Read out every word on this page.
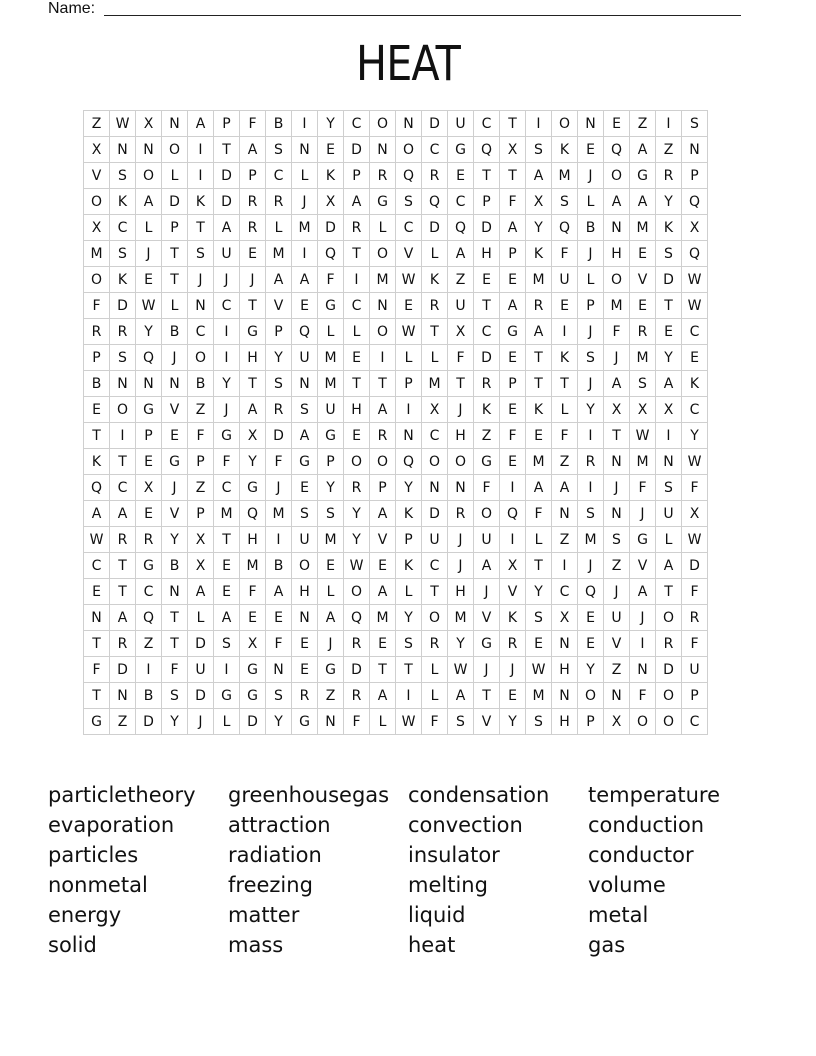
Name:
HEAT
Z	W	X	N	A	P	F	B	I	Y	C	O	N	D	U	C	T	I	O	N	E	Z	I	S
X	N	N	O	I	T	A	S	N	E	D	N	O	C	G	Q	X	S	K	E	Q	A	Z	N
V	S	O	L	I	D	P	C	L	K	P	R	Q	R	E	T	T	A	M	J	O	G	R	P
O	K	A	D	K	D	R	R	J	X	A	G	S	Q	C	P	F	X	S	L	A	A	Y	Q
X	C	L	P	T	A	R	L	M	D	R	L	C	D	Q	D	A	Y	Q	B	N	M	K	X
M	S	J	T	S	U	E	M	I	Q	T	O	V	L	A	H	P	K	F	J	H	E	S	Q
O	K	E	T	J	J	J	A	A	F	I	M	W	K	Z	E	E	M	U	L	O	V	D	W
F	D	W	L	N	C	T	V	E	G	C	N	E	R	U	T	A	R	E	P	M	E	T	W
R	R	Y	B	C	I	G	P	Q	L	L	O	W	T	X	C	G	A	I	J	F	R	E	C
P	S	Q	J	O	I	H	Y	U	M	E	I	L	L	F	D	E	T	K	S	J	M	Y	E
B	N	N	N	B	Y	T	S	N	M	T	T	P	M	T	R	P	T	T	J	A	S	A	K
E	O	G	V	Z	J	A	R	S	U	H	A	I	X	J	K	E	K	L	Y	X	X	X	C
T	I	P	E	F	G	X	D	A	G	E	R	N	C	H	Z	F	E	F	I	T	W	I	Y
K	T	E	G	P	F	Y	F	G	P	O	O	Q	O	O	G	E	M	Z	R	N	M	N	W
Q	C	X	J	Z	C	G	J	E	Y	R	P	Y	N	N	F	I	A	A	I	J	F	S	F
A	A	E	V	P	M	Q	M	S	S	Y	A	K	D	R	O	Q	F	N	S	N	J	U	X
W	R	R	Y	X	T	H	I	U	M	Y	V	P	U	J	U	I	L	Z	M	S	G	L	W
C	T	G	B	X	E	M	B	O	E	W	E	K	C	J	A	X	T	I	J	Z	V	A	D
E	T	C	N	A	E	F	A	H	L	O	A	L	T	H	J	V	Y	C	Q	J	A	T	F
N	A	Q	T	L	A	E	E	N	A	Q	M	Y	O	M	V	K	S	X	E	U	J	O	R
T	R	Z	T	D	S	X	F	E	J	R	E	S	R	Y	G	R	E	N	E	V	I	R	F
F	D	I	F	U	I	G	N	E	G	D	T	T	L	W	J	J	W	H	Y	Z	N	D	U
T	N	B	S	D	G	G	S	R	Z	R	A	I	L	A	T	E	M	N	O	N	F	O	P
G	Z	D	Y	J	L	D	Y	G	N	F	L	W	F	S	V	Y	S	H	P	X	O	O	C
particletheory	greenhousegas condensation	temperature
evaporation	attraction	convection	conduction
particles	radiation	insulator	conductor
nonmetal	freezing	melting	volume
energy	matter	liquid	metal
solid	mass	heat	gas
